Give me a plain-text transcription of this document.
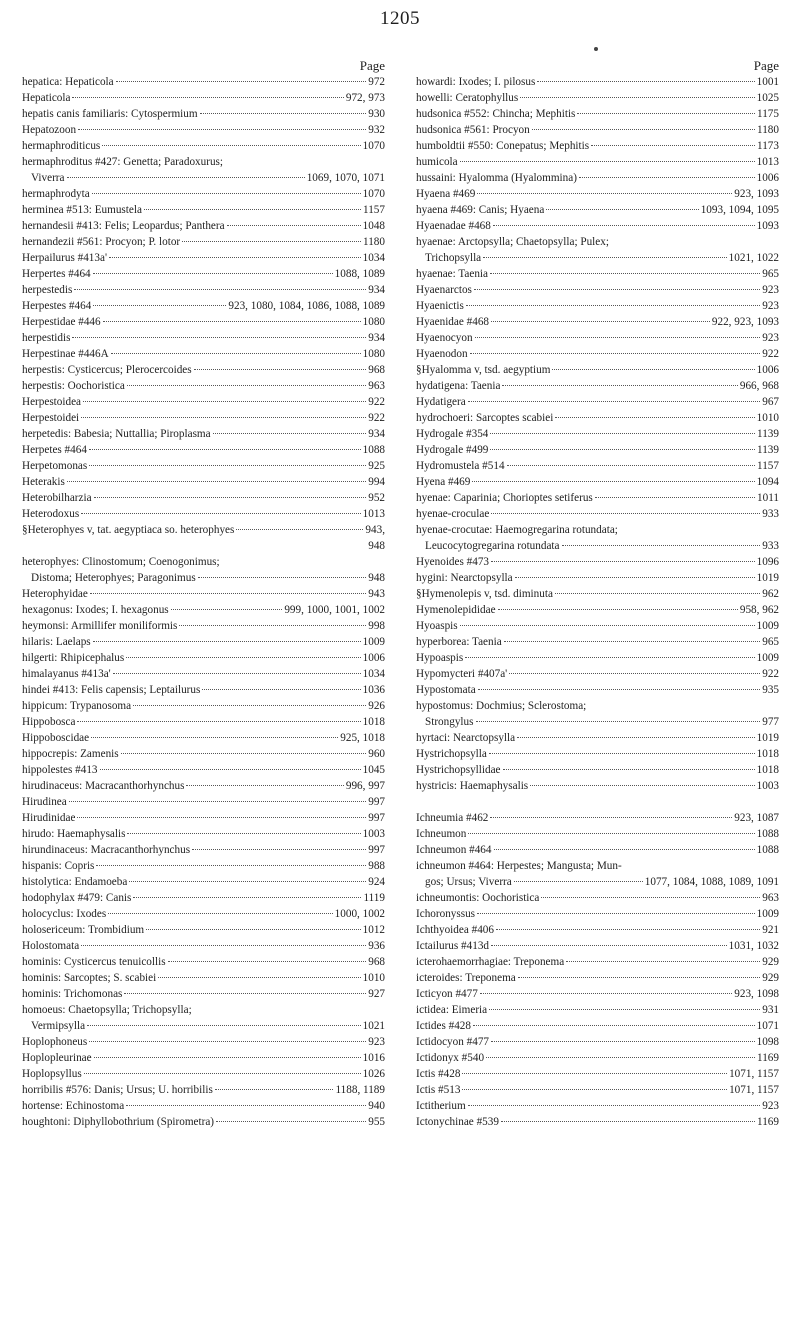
1205
Page
hepatica: Hepaticola	972
Hepaticola	972, 973
hepatis canis familiaris: Cytospermium	930
Hepatozoon	932
hermaphroditicus	1070
hermaphroditus #427: Genetta; Paradoxurus;
Viverra	1069, 1070, 1071
hermaphrodyta	1070
herminea #513: Eumustela	1157
hernandesii #413: Felis; Leopardus; Panthera	1048
hernandezii #561: Procyon; P. lotor	1180
Herpailurus #413a'	1034
Herpertes #464	1088, 1089
herpestedis	934
Herpestes #464	923, 1080, 1084, 1086, 1088, 1089
Herpestidae #446	1080
herpestidis	934
Herpestinae #446A	1080
herpestis: Cysticercus; Plerocercoides	968
herpestis: Oochoristica	963
Herpestoidea	922
Herpestoidei	922
herpetedis: Babesia; Nuttallia; Piroplasma	934
Herpetes #464	1088
Herpetomonas	925
Heterakis	994
Heterobilharzia	952
Heterodoxus	1013
§Heterophyes v, tat. aegyptiaca so. heterophyes	943,
948
heterophyes: Clinostomum; Coenogonimus;
Distoma; Heterophyes; Paragonimus	948
Heterophyidae	943
hexagonus: Ixodes; I. hexagonus	999, 1000, 1001, 1002
heymonsi: Armillifer moniliformis	998
hilaris: Laelaps	1009
hilgerti: Rhipicephalus	1006
himalayanus #413a'	1034
hindei #413: Felis capensis; Leptailurus	1036
hippicum: Trypanosoma	926
Hippobosca	1018
Hippoboscidae	925, 1018
hippocrepis: Zamenis	960
hippolestes #413	1045
hirudinaceus: Macracanthorhynchus	996, 997
Hirudinea	997
Hirudinidae	997
hirudo: Haemaphysalis	1003
hirundinaceus: Macracanthorhynchus	997
hispanis: Copris	988
histolytica: Endamoeba	924
hodophylax #479: Canis	1119
holocyclus: Ixodes	1000, 1002
holosericeum: Trombidium	1012
Holostomata	936
hominis: Cysticercus tenuicollis	968
hominis: Sarcoptes; S. scabiei	1010
hominis: Trichomonas	927
homoeus: Chaetopsylla; Trichopsylla;
Vermipsylla	1021
Hoplophoneus	923
Hoplopleurinae	1016
Hoplopsyllus	1026
horribilis #576: Danis; Ursus; U. horribilis	1188, 1189
hortense: Echinostoma	940
houghtoni: Diphyllobothrium (Spirometra)	955
Page
howardi: Ixodes; I. pilosus	1001
howelli: Ceratophyllus	1025
hudsonica #552: Chincha; Mephitis	1175
hudsonica #561: Procyon	1180
humboldtii #550: Conepatus; Mephitis	1173
humicola	1013
hussaini: Hyalomma (Hyalommina)	1006
Hyaena #469	923, 1093
hyaena #469: Canis; Hyaena	1093, 1094, 1095
Hyaenadae #468	1093
hyaenae: Arctopsylla; Chaetopsylla; Pulex;
Trichopsylla	1021, 1022
hyaenae: Taenia	965
Hyaenarctos	923
Hyaenictis	923
Hyaenidae #468	922, 923, 1093
Hyaenocyon	923
Hyaenodon	922
§Hyalomma v, tsd. aegyptium	1006
hydatigena: Taenia	966, 968
Hydatigera	967
hydrochoeri: Sarcoptes scabiei	1010
Hydrogale #354	1139
Hydrogale #499	1139
Hydromustela #514	1157
Hyena #469	1094
hyenae: Caparinia; Chorioptes setiferus	1011
hyenae-croculae	933
hyenae-crocutae: Haemogregarina rotundata;
Leucocytogregarina rotundata	933
Hyenoides #473	1096
hygini: Nearctopsylla	1019
§Hymenolepis v, tsd. diminuta	962
Hymenolepididae	958, 962
Hyoaspis	1009
hyperborea: Taenia	965
Hypoaspis	1009
Hypomycteri #407a'	922
Hypostomata	935
hypostomus: Dochmius; Sclerostoma;
Strongylus	977
hyrtaci: Nearctopsylla	1019
Hystrichopsylla	1018
Hystrichopsyllidae	1018
hystricis: Haemaphysalis	1003
Ichneumia #462	923, 1087
Ichneumon	1088
Ichneumon #464	1088
ichneumon #464: Herpestes; Mangusta; Mun-
gos; Ursus; Viverra	1077, 1084, 1088, 1089, 1091
ichneumontis: Oochoristica	963
Ichoronyssus	1009
Ichthyoidea #406	921
Ictailurus #413d	1031, 1032
icterohaemorrhagiae: Treponema	929
icteroides: Treponema	929
Icticyon #477	923, 1098
ictidea: Eimeria	931
Ictides #428	1071
Ictidocyon #477	1098
Ictidonyx #540	1169
Ictis #428	1071, 1157
Ictis #513	1071, 1157
Ictitherium	923
Ictonychinae #539	1169
